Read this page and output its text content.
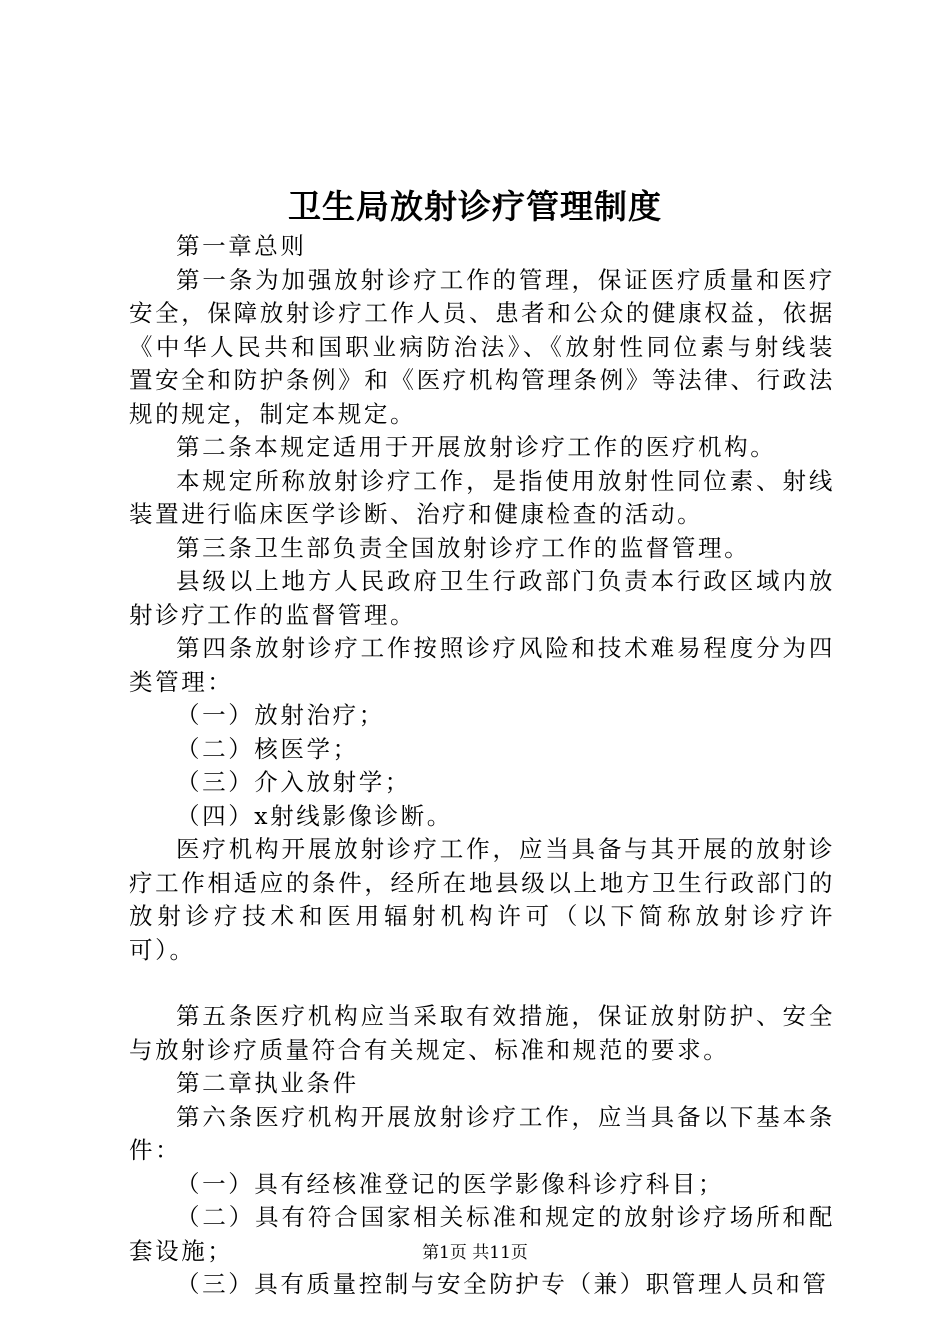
卫生局放射诊疗管理制度

第一章总则

第一条为加强放射诊疗工作的管理，保证医疗质量和医疗安全，保障放射诊疗工作人员、患者和公众的健康权益，依据《中华人民共和国职业病防治法》、《放射性同位素与射线装置安全和防护条例》和《医疗机构管理条例》等法律、行政法规的规定，制定本规定。

第二条本规定适用于开展放射诊疗工作的医疗机构。

本规定所称放射诊疗工作，是指使用放射性同位素、射线装置进行临床医学诊断、治疗和健康检查的活动。

第三条卫生部负责全国放射诊疗工作的监督管理。

县级以上地方人民政府卫生行政部门负责本行政区域内放射诊疗工作的监督管理。

第四条放射诊疗工作按照诊疗风险和技术难易程度分为四类管理：

（一）放射治疗；

（二）核医学；

（三）介入放射学；

（四）x射线影像诊断。

医疗机构开展放射诊疗工作，应当具备与其开展的放射诊疗工作相适应的条件，经所在地县级以上地方卫生行政部门的放射诊疗技术和医用辐射机构许可（以下简称放射诊疗许可）。

第五条医疗机构应当采取有效措施，保证放射防护、安全与放射诊疗质量符合有关规定、标准和规范的要求。

第二章执业条件

第六条医疗机构开展放射诊疗工作，应当具备以下基本条件：

（一）具有经核准登记的医学影像科诊疗科目；

（二）具有符合国家相关标准和规定的放射诊疗场所和配套设施；

（三）具有质量控制与安全防护专（兼）职管理人员和管

第1页 共11页
